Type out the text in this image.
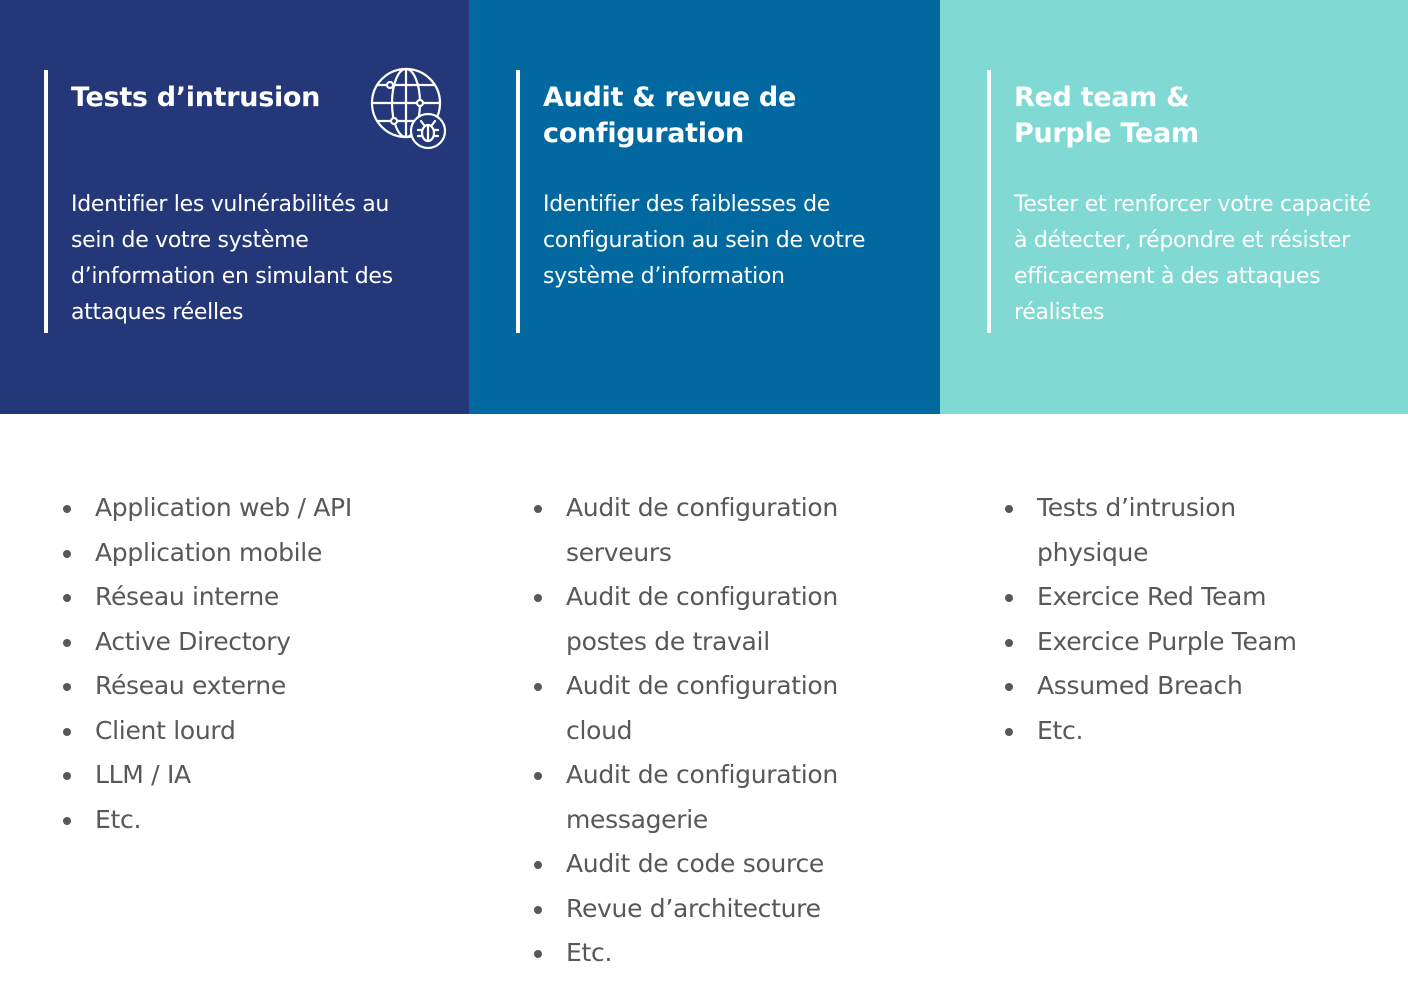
Tests d’intrusion
Identifier les vulnérabilités au sein de votre système d’information en simulant des attaques réelles
Audit & revue de configuration
Identifier des faiblesses de configuration au sein de votre système d’information
Red team & Purple Team
Tester et renforcer votre capacité à détecter, répondre et résister efficacement à des attaques réalistes
Application web / API
Application mobile
Réseau interne
Active Directory
Réseau externe
Client lourd
LLM / IA
Etc.
Audit de configuration serveurs
Audit de configuration postes de travail
Audit de configuration cloud
Audit de configuration messagerie
Audit de code source
Revue d’architecture
Etc.
Tests d’intrusion physique
Exercice Red Team
Exercice Purple Team
Assumed Breach
Etc.
